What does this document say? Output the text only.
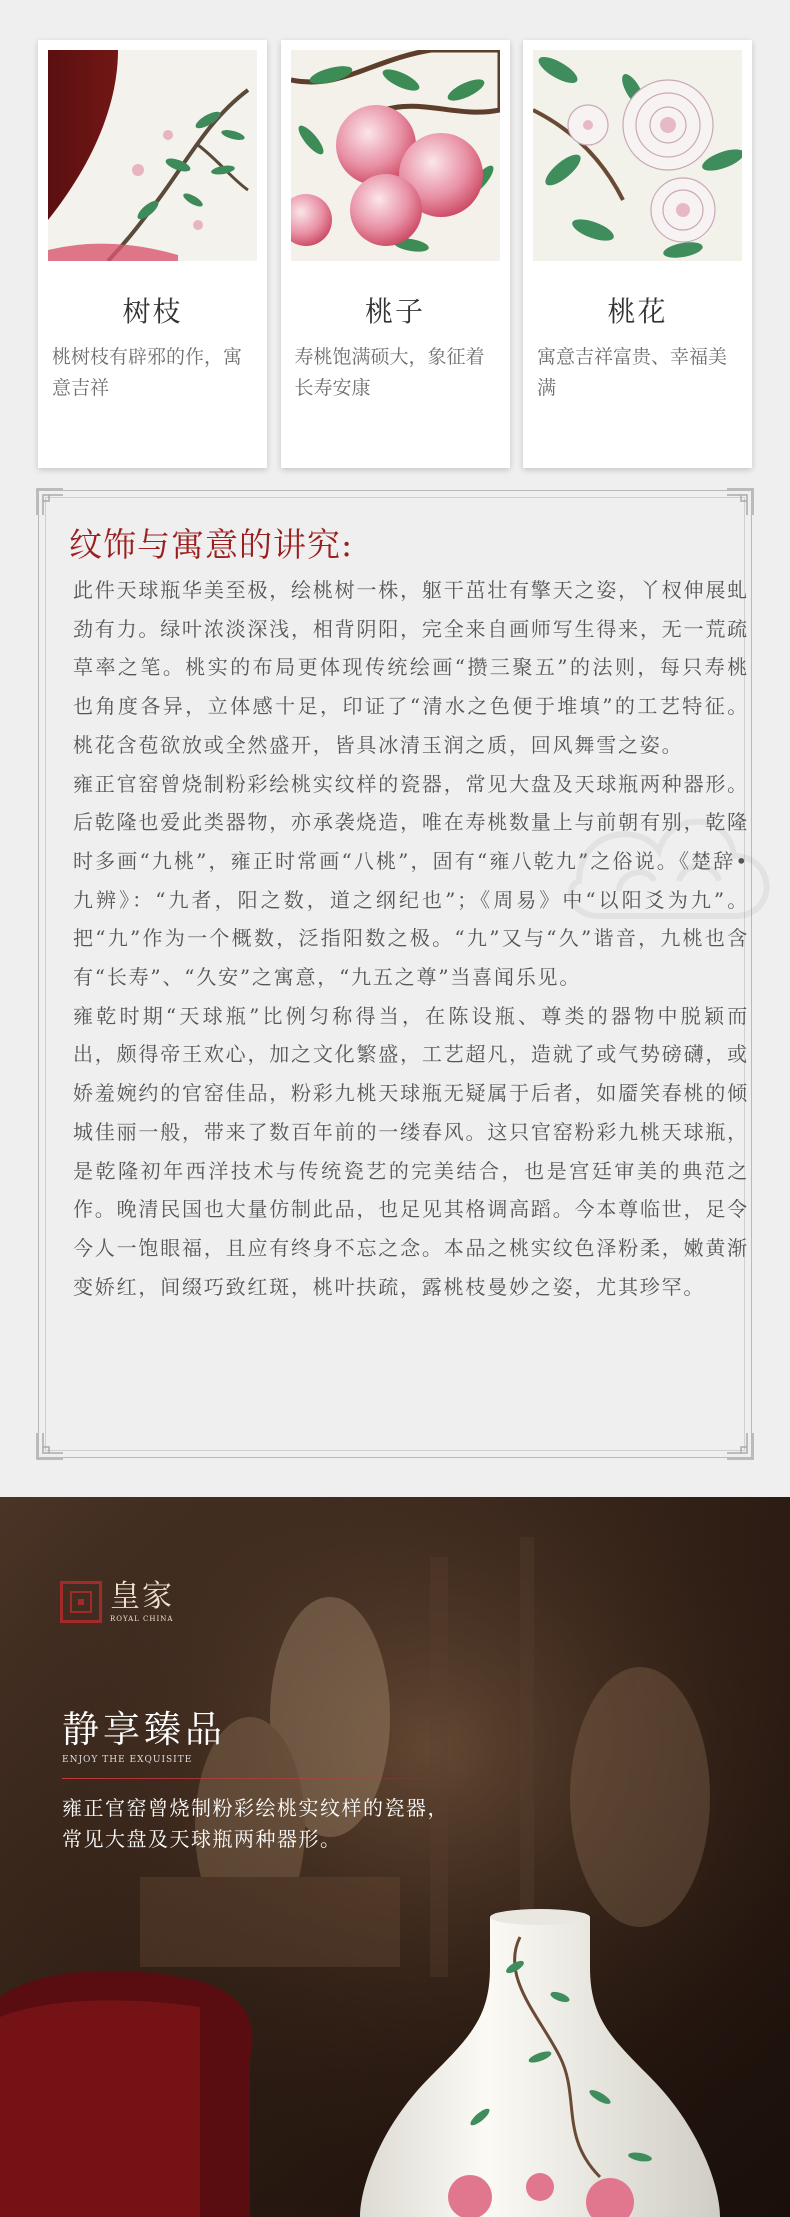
树枝
桃树枝有辟邪的作，寓意吉祥
桃子
寿桃饱满硕大，象征着长寿安康
桃花
寓意吉祥富贵、幸福美满
纹饰与寓意的讲究:

此件天球瓶华美至极，绘桃树一株，躯干茁壮有擎天之姿，丫杈伸展虬劲有力。绿叶浓淡深浅，相背阴阳，完全来自画师写生得来，无一荒疏草率之笔。桃实的布局更体现传统绘画“攒三聚五”的法则，每只寿桃也角度各异，立体感十足，印证了“清水之色便于堆填”的工艺特征。桃花含苞欲放或全然盛开，皆具冰清玉润之质，回风舞雪之姿。

雍正官窑曾烧制粉彩绘桃实纹样的瓷器，常见大盘及天球瓶两种器形。后乾隆也爱此类器物，亦承袭烧造，唯在寿桃数量上与前朝有别，乾隆时多画“九桃”，雍正时常画“八桃”，固有“雍八乾九”之俗说。《楚辞•九辨》：“九者，阳之数，道之纲纪也”；《周易》中“以阳爻为九”。把“九”作为一个概数，泛指阳数之极。“九”又与“久”谐音，九桃也含有“长寿”、“久安”之寓意，“九五之尊”当喜闻乐见。

雍乾时期“天球瓶”比例匀称得当，在陈设瓶、尊类的器物中脱颖而出，颇得帝王欢心，加之文化繁盛，工艺超凡，造就了或气势磅礴，或娇羞婉约的官窑佳品，粉彩九桃天球瓶无疑属于后者，如靥笑春桃的倾城佳丽一般，带来了数百年前的一缕春风。这只官窑粉彩九桃天球瓶，是乾隆初年西洋技术与传统瓷艺的完美结合，也是宫廷审美的典范之作。晚清民国也大量仿制此品，也足见其格调高蹈。今本尊临世，足令今人一饱眼福，且应有终身不忘之念。本品之桃实纹色泽粉柔，嫩黄渐变娇红，间缀巧致红斑，桃叶扶疏，露桃枝曼妙之姿，尤其珍罕。

皇家
ROYAL CHINA
静享臻品
ENJOY THE EXQUISITE
雍正官窑曾烧制粉彩绘桃实纹样的瓷器，
常见大盘及天球瓶两种器形。
